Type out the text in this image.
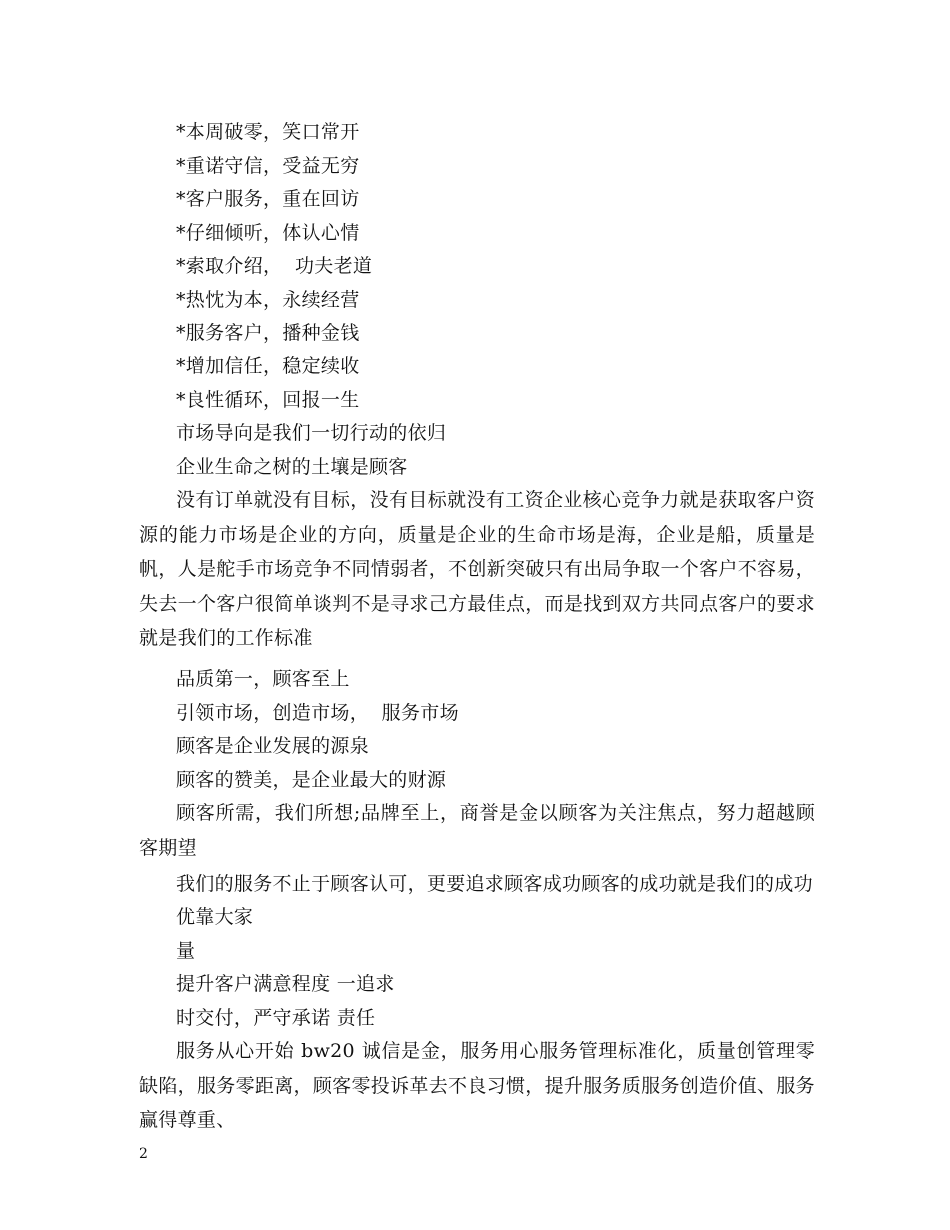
*本周破零，笑口常开
*重诺守信，受益无穷
*客户服务，重在回访
*仔细倾听，体认心情
*索取介绍，  功夫老道
*热忱为本，永续经营
*服务客户，播种金钱
*增加信任，稳定续收
*良性循环，回报一生
市场导向是我们一切行动的依归
企业生命之树的土壤是顾客
没有订单就没有目标，没有目标就没有工资企业核心竞争力就是获取客户资源的能力市场是企业的方向，质量是企业的生命市场是海，企业是船，质量是帆，人是舵手市场竞争不同情弱者，不创新突破只有出局争取一个客户不容易，失去一个客户很简单谈判不是寻求己方最佳点，而是找到双方共同点客户的要求就是我们的工作标准
品质第一，顾客至上
引领市场，创造市场，  服务市场
顾客是企业发展的源泉
顾客的赞美，是企业最大的财源
顾客所需，我们所想;品牌至上，商誉是金以顾客为关注焦点，努力超越顾客期望
我们的服务不止于顾客认可，更要追求顾客成功顾客的成功就是我们的成功
优靠大家
量
提升客户满意程度 一追求
时交付，严守承诺 责任
服务从心开始 bw20 诚信是金，服务用心服务管理标准化，质量创管理零缺陷，服务零距离，顾客零投诉革去不良习惯，提升服务质服务创造价值、服务赢得尊重、
2
